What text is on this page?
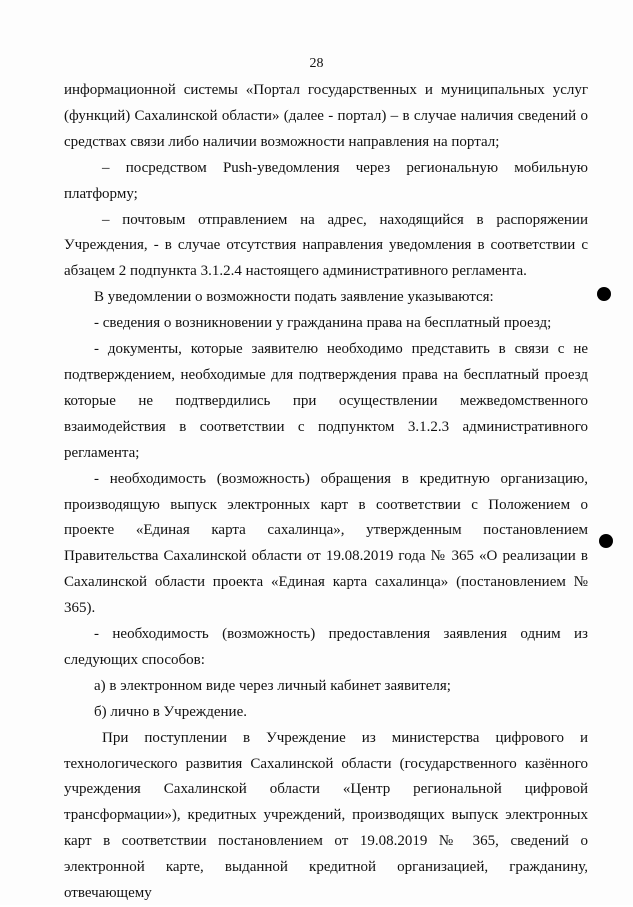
28

информационной системы «Портал государственных и муниципальных услуг (функций) Сахалинской области» (далее - портал) – в случае наличия сведений о средствах связи либо наличии возможности направления на портал;

– посредством Push-уведомления через региональную мобильную платформу;

– почтовым отправлением на адрес, находящийся в распоряжении Учреждения, - в случае отсутствия направления уведомления в соответствии с абзацем 2 подпункта 3.1.2.4 настоящего административного регламента.

В уведомлении о возможности подать заявление указываются:

- сведения о возникновении у гражданина права на бесплатный проезд;

- документы, которые заявителю необходимо представить в связи с не подтверждением, необходимые для подтверждения права на бесплатный проезд которые не подтвердились при осуществлении межведомственного взаимодействия в соответствии с подпунктом 3.1.2.3 административного регламента;

- необходимость (возможность) обращения в кредитную организацию, производящую выпуск электронных карт в соответствии с Положением о проекте «Единая карта сахалинца», утвержденным постановлением Правительства Сахалинской области от 19.08.2019 года № 365 «О реализации в Сахалинской области проекта «Единая карта сахалинца» (постановлением № 365).

- необходимость (возможность) предоставления заявления одним из следующих способов:

а) в электронном виде через личный кабинет заявителя;

б) лично в Учреждение.

При поступлении в Учреждение из министерства цифрового и технологического развития Сахалинской области (государственного казённого учреждения Сахалинской области «Центр региональной цифровой трансформации»), кредитных учреждений, производящих выпуск электронных карт в соответствии постановлением от 19.08.2019 № 365, сведений о электронной карте, выданной кредитной организацией, гражданину, отвечающему
